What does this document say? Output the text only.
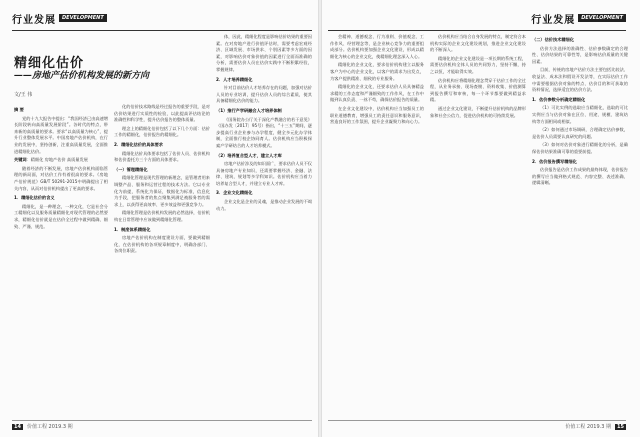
行业发展	DEVELOPMENT
精细化估价
——房地产估价机构发展的新方向
文/王 伟

摘 要

党的十九大报告中提出：“我国经济已由高速增长阶段转向高质量发展阶段”。各时代的特点，带来新的高质量的要求。要求“以高质量为核心”，提升行业整体发展水平。中国房地产估价机构，在行业的发展中，坚持创新，注重高质量发展，全面推进精细化估价。

关键词：精细化 房地产估价 高质量发展

随着经济的不断发展，房地产估价机构面临管理的新局面，对估价工作有着很高的要求。《房地产估价规范》GB/T 50291-2015中明确提出了相关内容，从而对估价机构提出了更高的要求。

1．精细化估价的含义

精细化，是一种理念，一种文化，它是社会分工精细化以及服务质量精细化对现代管理的必然要求，精细化估价就是在估价全过程中做到精确、细致、严谨、规范。

化的估价技术路线是经过报告的重要手段，是对估价结果进行实质性的检验，以此提高评估结论的准确性和科学性，提升估价报告的整体质量。

理念上的精细化估价包括了以下几个方面：估价工作的精细化，估价报告的精细化。

2．精细化估价的具体要求

精细化估价具体要求包括了估价人员、估价机构和估价委托方三个方面的具体要求。

（一）管理精细化

精细化管理是现代管理的新理念，是管理者用来调整产品、服务和运营过程的技术方法。它以专业化为前提，系统化为保证，数据化为标准，信息化为手段，把服务者的焦点聚集到满足被服务者的需求上，以获得更高效率、更多效益和更强竞争力。

精细化管理是估价机构发展的必然选择，估价机构在日常管理中应该做到精细化管理。

1．制度体系精细化

房地产估价机构在制度建设方面，要做到精细化，在估价机构的各项规章制度中，明确各部门、各岗位职责。

体，因此，精细化程度是影响估价结果的重要因素。在对房地产进行价值评估时，需要考虑宏观经济、区域发展、市场供求、个别因素等多方面的因素，对影响估价对象价值的因素进行全面而准确的分析，需要估价人员在估价实践中不断积累经验，掌握规律。

2．人才培养精细化

针对目前估价人才培养存在的问题，加强对估价人员的专业培训，提升估价人员的综合素质，使其具备精细化估价的能力。

（1）推行产学研融合人才培养体制

《国务院办公厅关于深化产教融合的若干意见》（国办发〔2017〕95号）指出，“十三五”期间，逐步提高行业企业参与办学程度，健全多元化办学体制，全面推行校企协同育人。估价机构应当积极探索产学研结合的人才培养模式。

（2）培养复合型人才，建立人才库

房地产估价涉及的知识面广，要求估价人员不仅具备房地产专业知识，还需要掌握经济、金融、法律、建筑、规划等多学科知识。估价机构应当着力培养复合型人才，并建立专业人才库。

3．企业文化精细化

企业文化是企业的灵魂，是推动企业发展的不竭动力。

14	价值工程 2019.3 期
行业发展	DEVELOPMENT

会精神、道德观念、行为准则、价值观念、工作作风、经营理念等，是企业核心竞争力的重要组成部分。估价机构要加强企业文化建设，形成以精细化为核心的企业文化，使精细化理念深入人心。

精细化的企业文化，要求估价机构建立以服务客户为中心的企业文化，以客户的需求为出发点，为客户提供精准、细致的专业服务。

精细化的企业文化，还要求估价人员具备精益求精的工作态度和严谨细致的工作作风，在工作中做到认真负责、一丝不苟，确保估价报告的质量。

在企业文化建设中，估价机构应当加强员工的职业道德教育，增强员工的责任意识和服务意识，营造良好的工作氛围，提升企业凝聚力和向心力。

估价机构应当结合自身发展的特点，制定符合本机构实际的企业文化建设规划，推进企业文化建设的不断深入。

精细化的企业文化建设是一项长期的系统工程，需要估价机构全体人员的共同努力，坚持不懈，持之以恒，才能取得实效。

估价机构应将精细化理念贯穿于估价工作的全过程，从业务承接、现场查勘、资料收集、价值测算到报告撰写和审核，每一个环节都要做到精益求精。

通过企业文化建设，不断提升估价机构的品牌形象和社会公信力，促进估价机构的可持续发展。

（二）估价技术精细化

估价方法选择的准确性、估价参数确定的合理性、估价结果的可靠性等，是影响估价质量的关键因素。

目前，传统的房地产估价方法主要包括比较法、收益法、成本法和假设开发法等，在实际估价工作中需要根据估价对象的特点、估价目的和可获取的资料情况，选择适宜的估价方法。

1．估价参数分析确定精细化

（1）可比实例的选取应当精细化，选取的可比实例应当与估价对象在区位、用途、规模、建筑结构等方面相同或相似。

（2）如何通过市场调研，合理确定估价参数，是估价人员需要认真研究的问题。

（3）如何对估价对象进行精细化的分析，是确保估价结果准确可靠的重要前提。

2．估价报告撰写精细化

估价报告是估价工作成果的最终体现，估价报告的撰写应当做到格式规范、内容完整、表述准确、逻辑清晰。

价值工程 2019.3 期	15
